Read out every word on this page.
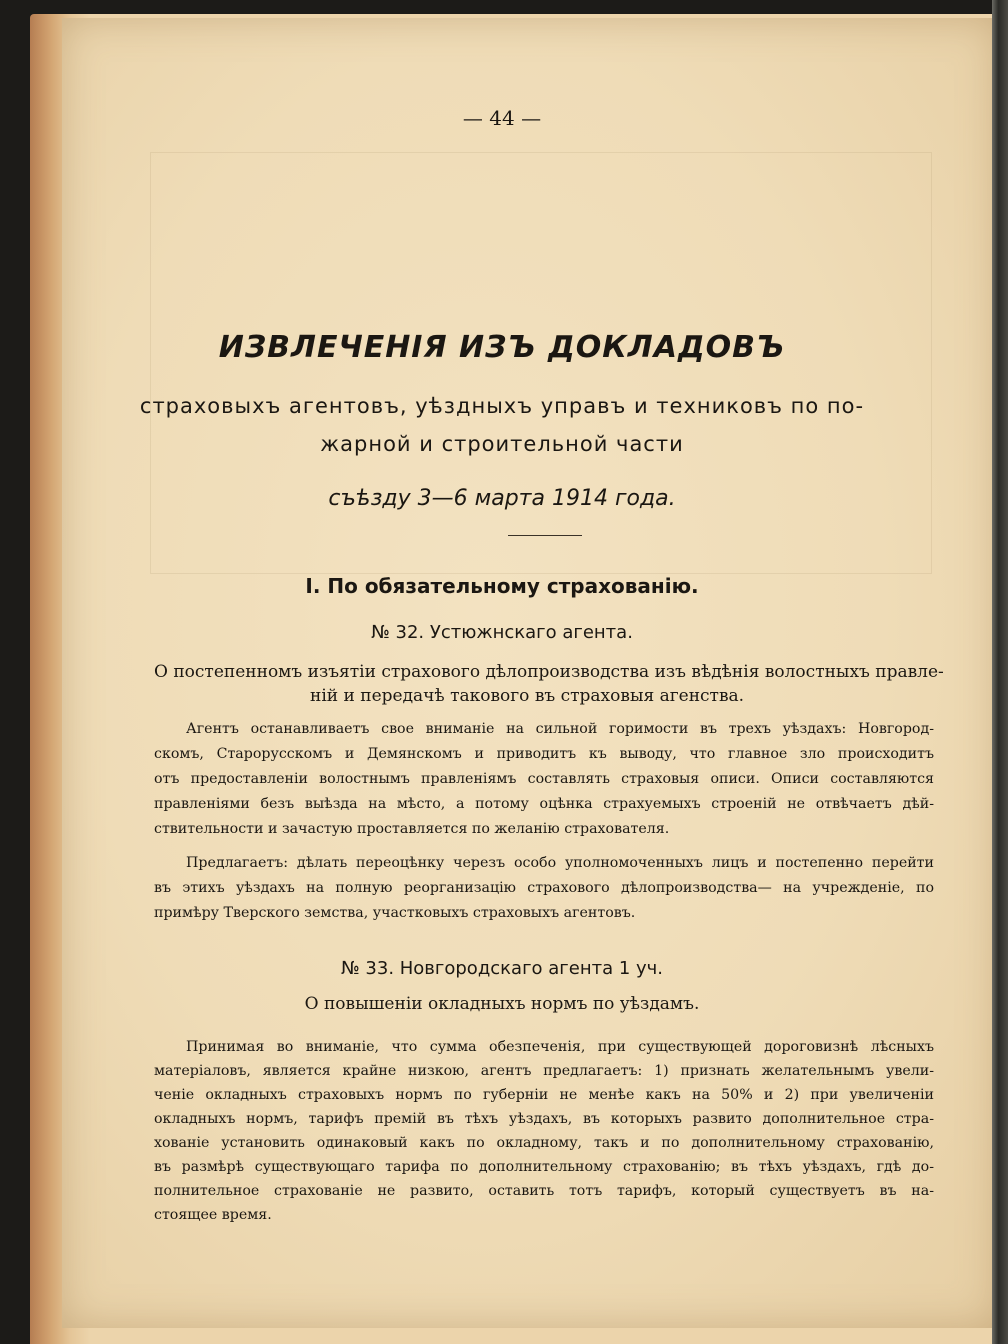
— 44 —
ИЗВЛЕЧЕНІЯ ИЗЪ ДОКЛАДОВЪ
страховыхъ агентовъ, уѣздныхъ управъ и техниковъ по по-
жарной и строительной части
съѣзду 3—6 марта 1914 года.
I. По обязательному страхованію.
№ 32. Устюжнскаго агента.
О постепенномъ изъятіи страхового дѣлопроизводства изъ вѣдѣнія волостныхъ правле-
ній и передачѣ такового въ страховыя агенства.
Агентъ останавливаетъ свое вниманіе на сильной горимости въ трехъ уѣздахъ: Новгород-
скомъ, Старорусскомъ и Демянскомъ и приводитъ къ выводу, что главное зло происходитъ
отъ предоставленіи волостнымъ правленіямъ составлять страховыя описи. Описи составляются
правленіями безъ выѣзда на мѣсто, а потому оцѣнка страхуемыхъ строеній не отвѣчаетъ дѣй-
ствительности и зачастую проставляется по желанію страхователя.
Предлагаетъ: дѣлать переоцѣнку черезъ особо уполномоченныхъ лицъ и постепенно перейти
въ этихъ уѣздахъ на полную реорганизацію страхового дѣлопроизводства— на учрежденіе, по
примѣру Тверского земства, участковыхъ страховыхъ агентовъ.
№ 33. Новгородскаго агента 1 уч.
О повышеніи окладныхъ нормъ по уѣздамъ.
Принимая во вниманіе, что сумма обезпеченія, при существующей дороговизнѣ лѣсныхъ
матеріаловъ, является крайне низкою, агентъ предлагаетъ: 1) признать желательнымъ увели-
ченіе окладныхъ страховыхъ нормъ по губерніи не менѣе какъ на 50% и 2) при увеличеніи
окладныхъ нормъ, тарифъ премій въ тѣхъ уѣздахъ, въ которыхъ развито дополнительное стра-
хованіе установить одинаковый какъ по окладному, такъ и по дополнительному страхованію,
въ размѣрѣ существующаго тарифа по дополнительному страхованію; въ тѣхъ уѣздахъ, гдѣ до-
полнительное страхованіе не развито, оставить тотъ тарифъ, который существуетъ въ на-
стоящее время.
